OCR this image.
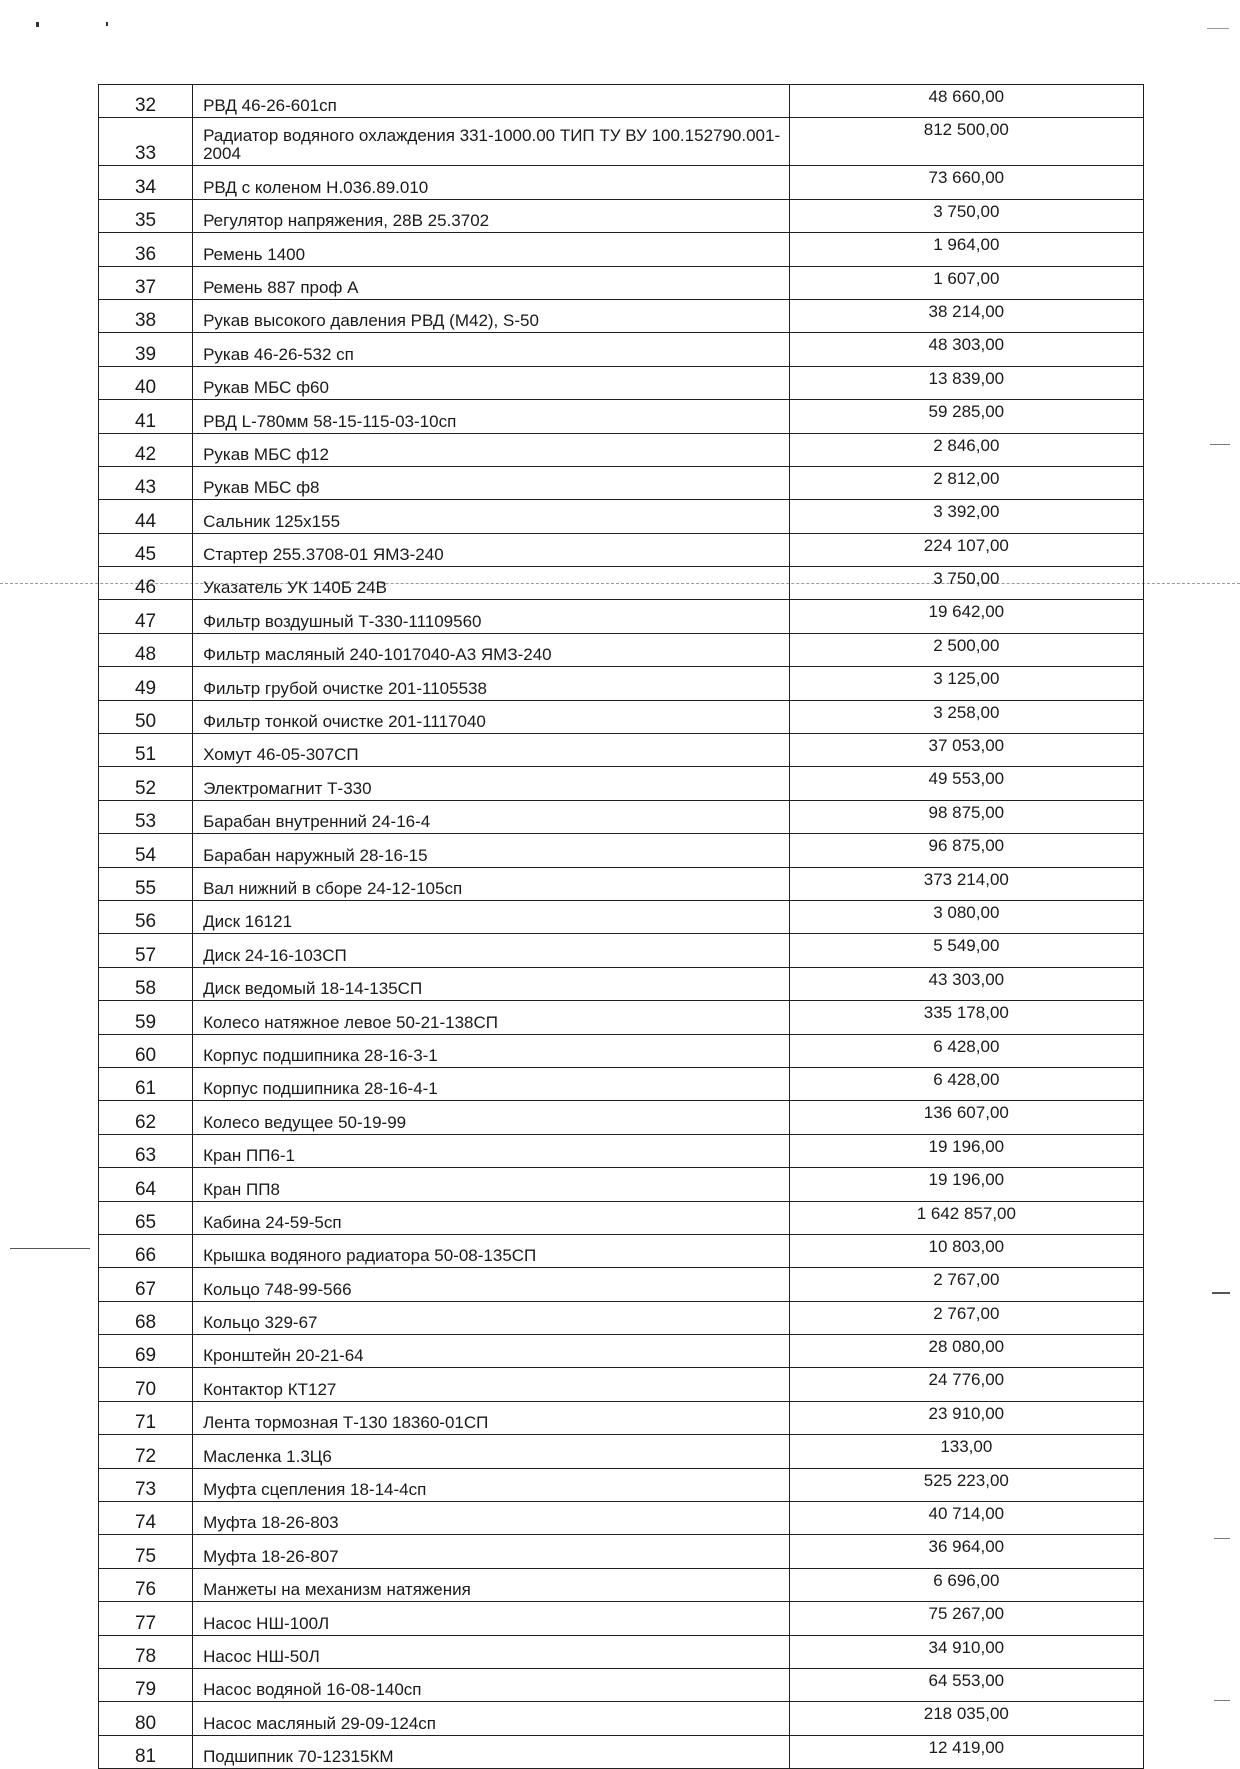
32	РВД 46-26-601сп	48 660,00
33	Радиатор водяного охлаждения 331-1000.00 ТИП ТУ ВУ 100.152790.001-2004	812 500,00
34	РВД с коленом Н.036.89.010	73 660,00
35	Регулятор напряжения, 28В 25.3702	3 750,00
36	Ремень 1400	1 964,00
37	Ремень 887 проф А	1 607,00
38	Рукав высокого давления РВД (М42), S-50	38 214,00
39	Рукав 46-26-532 сп	48 303,00
40	Рукав МБС ф60	13 839,00
41	РВД L-780мм 58-15-115-03-10сп	59 285,00
42	Рукав МБС ф12	2 846,00
43	Рукав МБС ф8	2 812,00
44	Сальник 125х155	3 392,00
45	Стартер 255.3708-01 ЯМЗ-240	224 107,00
46	Указатель УК 140Б 24В	3 750,00
47	Фильтр воздушный Т-330-11109560	19 642,00
48	Фильтр масляный 240-1017040-А3 ЯМЗ-240	2 500,00
49	Фильтр грубой очистке 201-1105538	3 125,00
50	Фильтр тонкой очистке 201-1117040	3 258,00
51	Хомут 46-05-307СП	37 053,00
52	Электромагнит Т-330	49 553,00
53	Барабан внутренний 24-16-4	98 875,00
54	Барабан наружный 28-16-15	96 875,00
55	Вал нижний в сборе 24-12-105сп	373 214,00
56	Диск 16121	3 080,00
57	Диск 24-16-103СП	5 549,00
58	Диск ведомый 18-14-135СП	43 303,00
59	Колесо натяжное левое 50-21-138СП	335 178,00
60	Корпус подшипника 28-16-3-1	6 428,00
61	Корпус подшипника 28-16-4-1	6 428,00
62	Колесо ведущее 50-19-99	136 607,00
63	Кран ПП6-1	19 196,00
64	Кран ПП8	19 196,00
65	Кабина 24-59-5сп	1 642 857,00
66	Крышка водяного радиатора 50-08-135СП	10 803,00
67	Кольцо 748-99-566	2 767,00
68	Кольцо 329-67	2 767,00
69	Кронштейн 20-21-64	28 080,00
70	Контактор КТ127	24 776,00
71	Лента тормозная Т-130 18360-01СП	23 910,00
72	Масленка 1.3Ц6	133,00
73	Муфта сцепления 18-14-4сп	525 223,00
74	Муфта 18-26-803	40 714,00
75	Муфта 18-26-807	36 964,00
76	Манжеты на механизм натяжения	6 696,00
77	Насос НШ-100Л	75 267,00
78	Насос НШ-50Л	34 910,00
79	Насос водяной 16-08-140сп	64 553,00
80	Насос масляный 29-09-124сп	218 035,00
81	Подшипник 70-12315КМ	12 419,00
